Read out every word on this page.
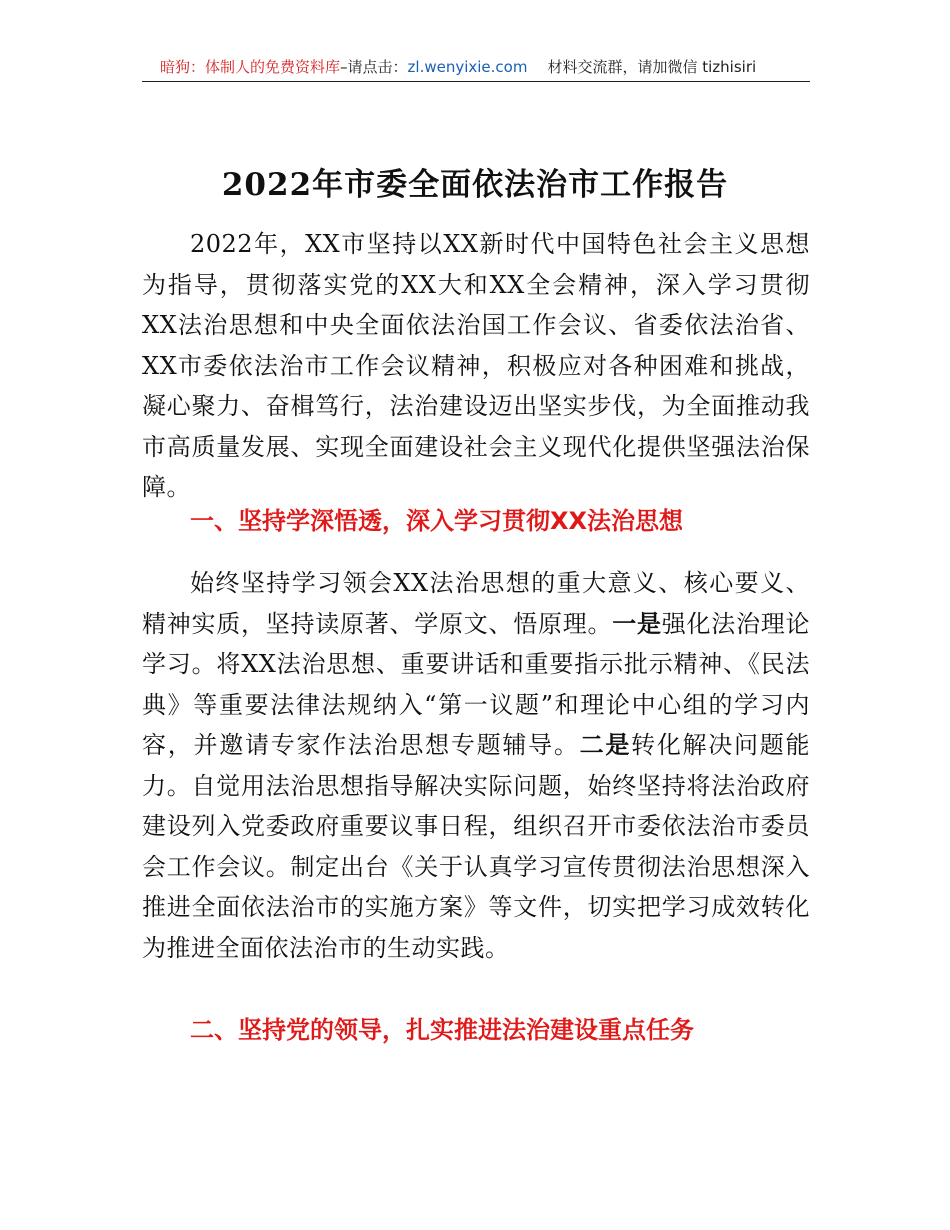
暗狗：体制人的免费资料库 –请点击： zl.wenyixie.com 材料交流群，请加微信 tizhisiri
2022年市委全面依法治市工作报告

2022年，XX市坚持以XX新时代中国特色社会主义思想为指导，贯彻落实党的XX大和XX全会精神，深入学习贯彻XX法治思想和中央全面依法治国工作会议、省委依法治省、XX市委依法治市工作会议精神，积极应对各种困难和挑战，凝心聚力、奋楫笃行，法治建设迈出坚实步伐，为全面推动我市高质量发展、实现全面建设社会主义现代化提供坚强法治保障。

一、坚持学深悟透，深入学习贯彻XX法治思想

始终坚持学习领会XX法治思想的重大意义、核心要义、精神实质，坚持读原著、学原文、悟原理。一是强化法治理论学习。将XX法治思想、重要讲话和重要指示批示精神、《民法典》等重要法律法规纳入“第一议题”和理论中心组的学习内容，并邀请专家作法治思想专题辅导。二是转化解决问题能力。自觉用法治思想指导解决实际问题，始终坚持将法治政府建设列入党委政府重要议事日程，组织召开市委依法治市委员会工作会议。制定出台《关于认真学习宣传贯彻法治思想深入推进全面依法治市的实施方案》等文件，切实把学习成效转化为推进全面依法治市的生动实践。

二、坚持党的领导，扎实推进法治建设重点任务
